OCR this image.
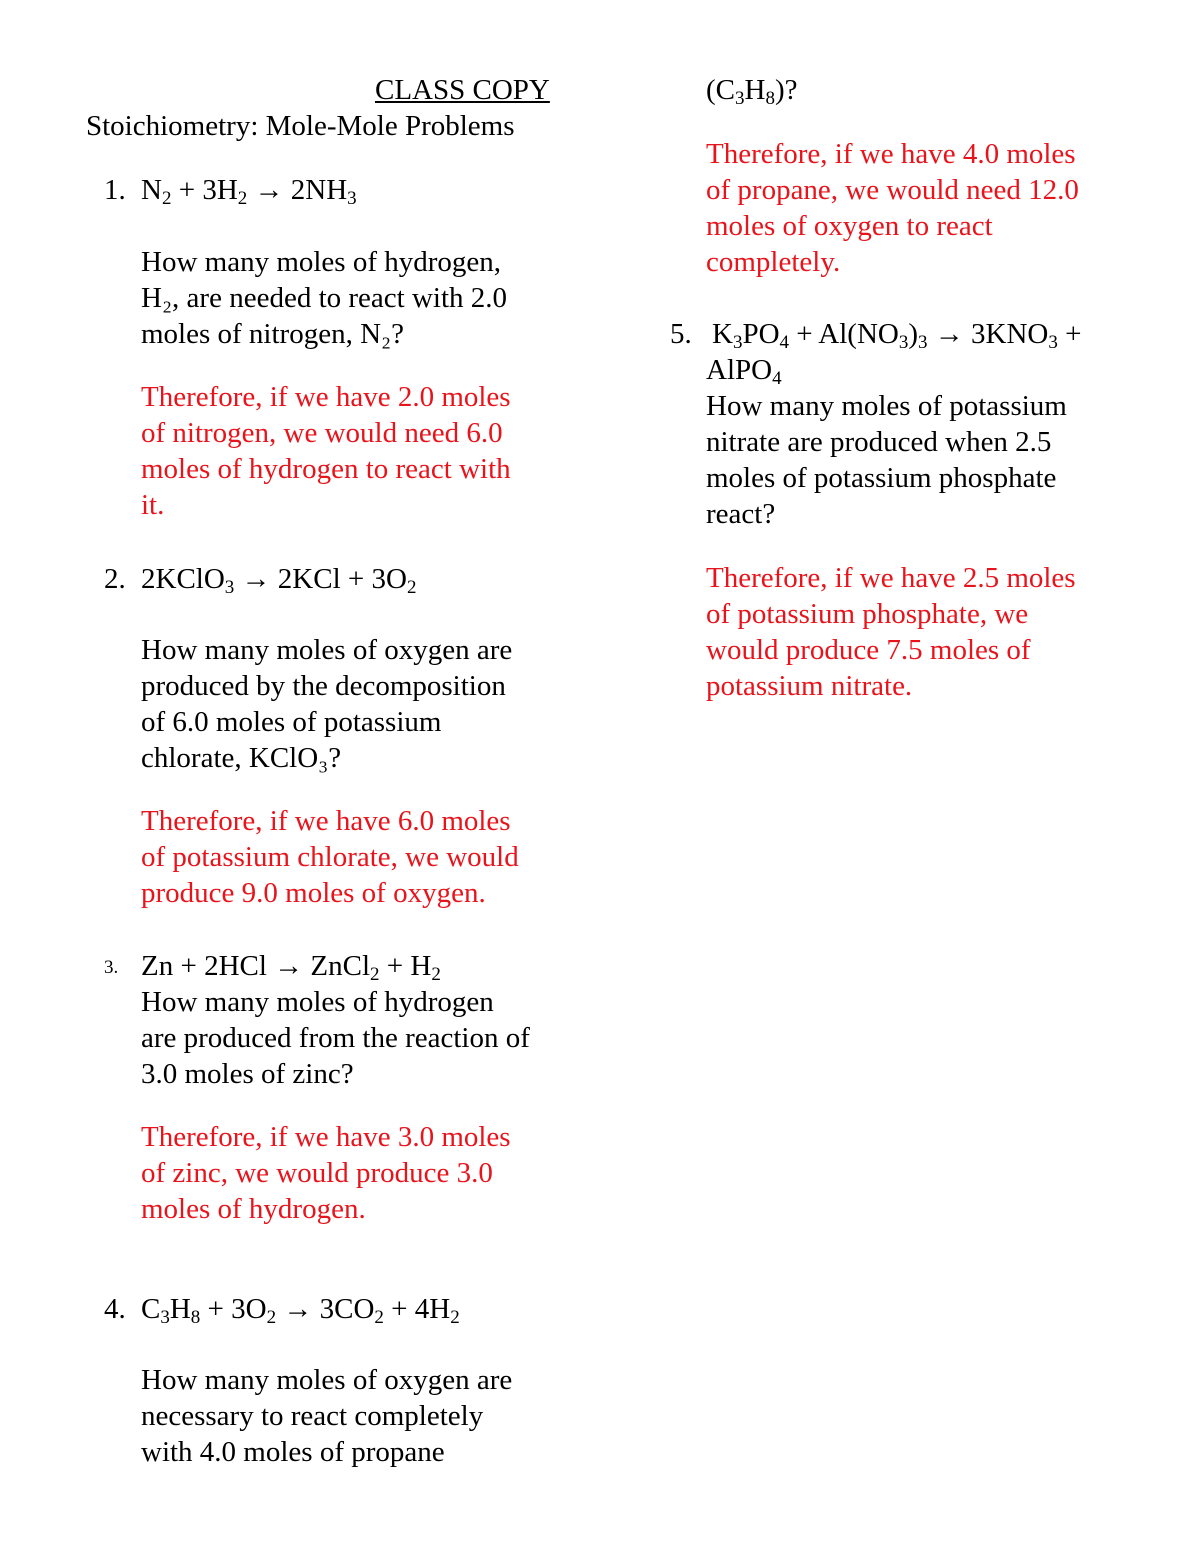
CLASS COPY
Stoichiometry: Mole-Mole Problems
1. $N_2 + 3H_2 \to 2NH_3$
How many moles of hydrogen,
H₂, are needed to react with 2.0
moles of nitrogen, N₂?
Therefore, if we have 2.0 moles
of nitrogen, we would need 6.0
moles of hydrogen to react with
it.
2. 2KClO$_3$ → $2KCl + 3O_2$
How many moles of oxygen are
produced by the decomposition
of 6.0 moles of potassium
chlorate, KClO₃?
Therefore, if we have 6.0 moles
of potassium chlorate, we would
produce 9.0 moles of oxygen.
3. Zn + 2HCl → ZnCl$_2$ + $H_2$
How many moles of hydrogen
are produced from the reaction of
3.0 moles of zinc?
Therefore, if we have 3.0 moles
of zinc, we would produce 3.0
moles of hydrogen.
4. $C_3H_8 + 3O_2 \to 3CO_2 + 4H_2$
How many moles of oxygen are
necessary to react completely
with 4.0 moles of propane
$(C_3H_8)$?
Therefore, if we have 4.0 moles
of propane, we would need 12.0
moles of oxygen to react
completely.
5. $K_3PO_4 + Al(NO_3)_3 \to 3KNO_3$ +
AlPO$_4$
How many moles of potassium
nitrate are produced when 2.5
moles of potassium phosphate
react?
Therefore, if we have 2.5 moles
of potassium phosphate, we
would produce 7.5 moles of
potassium nitrate.
